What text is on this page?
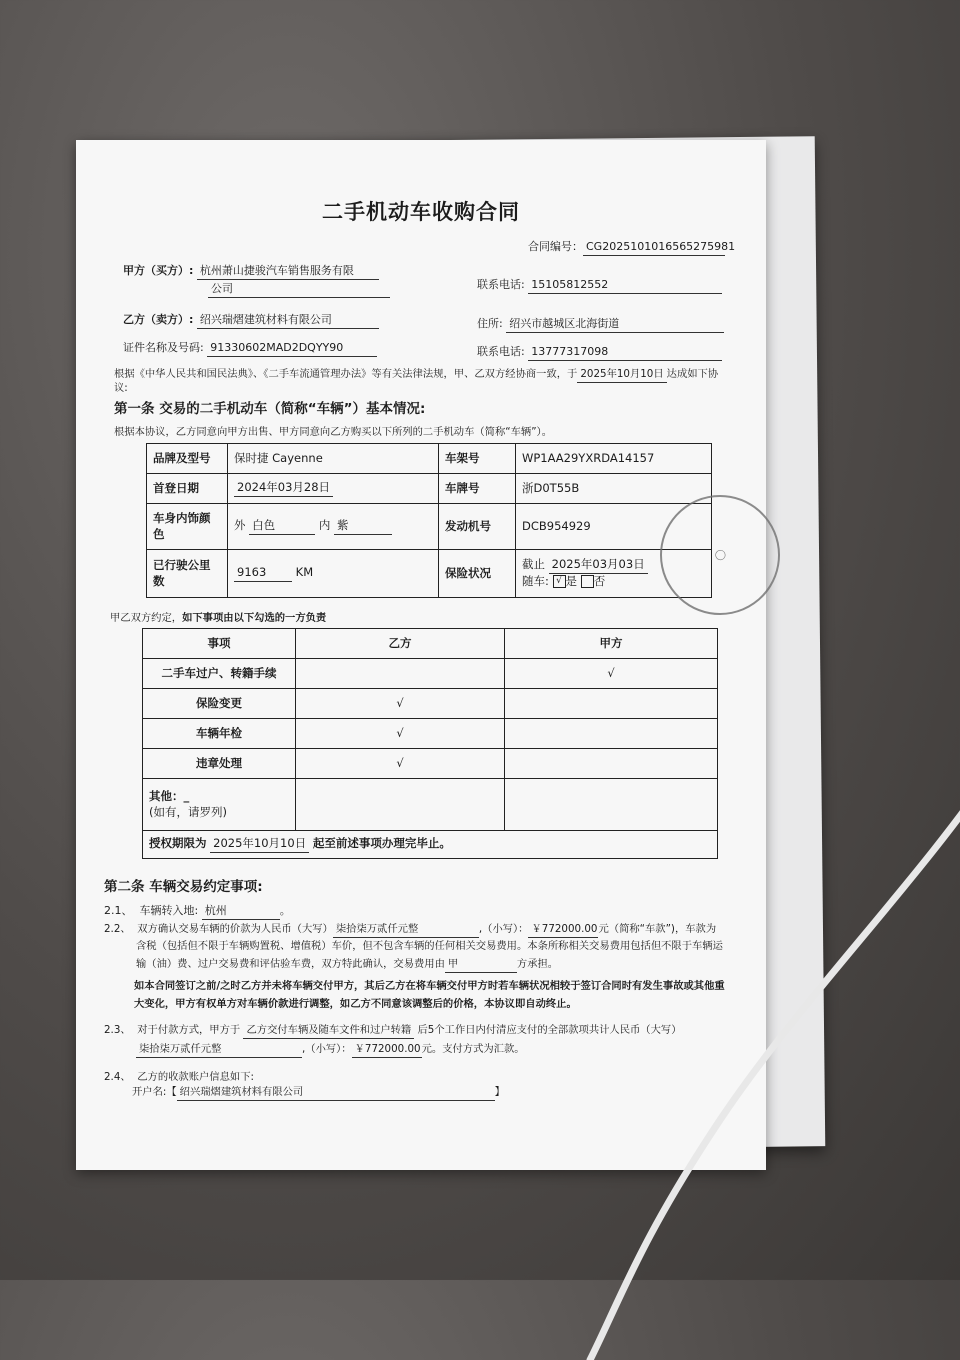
二手机动车收购合同
合同编号： CG2025101016565275981
甲方（买方）: 杭州萧山捷骏汽车销售服务有限
公司	联系电话: 15105812552
乙方（卖方）: 绍兴瑞熠建筑材料有限公司	住所: 绍兴市越城区北海街道
证件名称及号码: 91330602MAD2DQYY90	联系电话: 13777317098
根据《中华人民共和国民法典》、《二手车流通管理办法》等有关法律法规，甲、乙双方经协商一致，于 2025年10月10日 达成如下协
议:
第一条 交易的二手机动车（简称“车辆”）基本情况:
根据本协议，乙方同意向甲方出售、甲方同意向乙方购买以下所列的二手机动车（简称“车辆”）。
品牌及型号	保时捷 Cayenne	车架号	WP1AA29YXRDA14157
首登日期	2024年03月28日	车牌号	浙D0T55B
车身内饰颜
色	外 白色 内 紫	发动机号	DCB954929
已行驶公里
数	9163 KM	保险状况	截止 2025年03月03日
随车: √ 是 否
甲乙双方约定，如下事项由以下勾选的一方负责
事项	乙方	甲方
二手车过户、转籍手续		√
保险变更	√	
车辆年检	√	
违章处理	√	
其他：_
(如有，请罗列)		
授权期限为 2025年10月10日 起至前述事项办理完毕止。		
第二条 车辆交易约定事项:
2.1、 车辆转入地: 杭州	。
2.2、 双方确认交易车辆的价款为人民币（大写） 柒拾柒万贰仟元整	,（小写）： ￥772000.00元（简称“车款”)，车款为
含税（包括但不限于车辆购置税、增值税）车价，但不包含车辆的任何相关交易费用。本条所称相关交易费用包括但不限于车辆运
输（油）费、过户交易费和评估验车费，双方特此确认，交易费用由 甲	方承担。
如本合同签订之前/之时乙方并未将车辆交付甲方，其后乙方在将车辆交付甲方时若车辆状况相较于签订合同时有发生事故或其他重
大变化，甲方有权单方对车辆价款进行调整，如乙方不同意该调整后的价格，本协议即自动终止。
2.3、 对于付款方式，甲方于 乙方交付车辆及随车文件和过户转籍 后5个工作日内付清应支付的全部款项共计人民币（大写）
柒拾柒万贰仟元整	,（小写）： ￥772000.00元。支付方式为汇款。
2.4、 乙方的收款账户信息如下:
开户名:【 绍兴瑞熠建筑材料有限公司	】
◯
